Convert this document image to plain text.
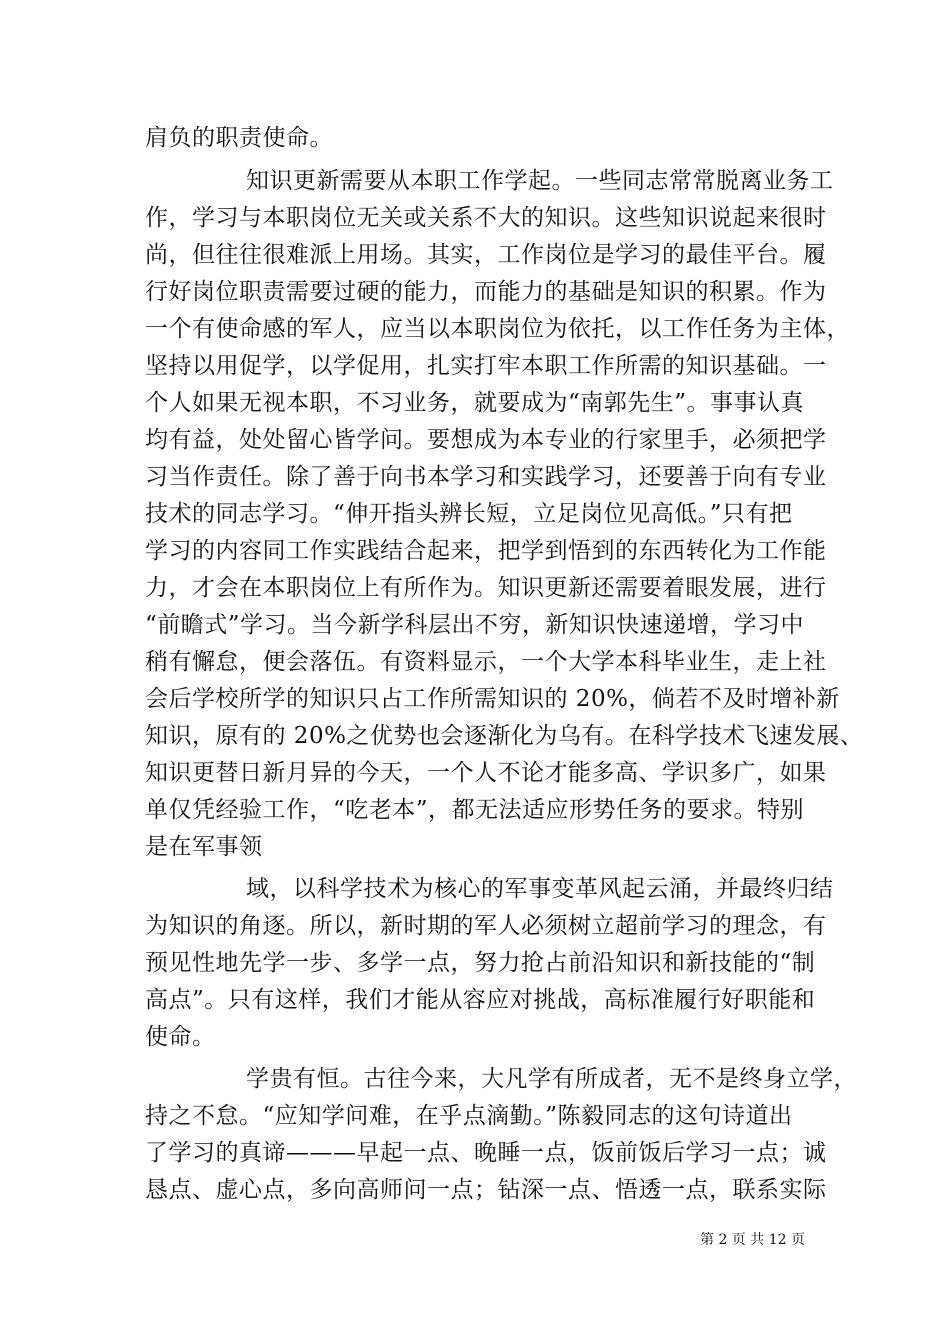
肩负的职责使命。
知识更新需要从本职工作学起。一些同志常常脱离业务工
作，学习与本职岗位无关或关系不大的知识。这些知识说起来很时
尚，但往往很难派上用场。其实，工作岗位是学习的最佳平台。履
行好岗位职责需要过硬的能力，而能力的基础是知识的积累。作为
一个有使命感的军人，应当以本职岗位为依托，以工作任务为主体，
坚持以用促学，以学促用，扎实打牢本职工作所需的知识基础。一
个人如果无视本职，不习业务，就要成为“南郭先生”。事事认真
均有益，处处留心皆学问。要想成为本专业的行家里手，必须把学
习当作责任。除了善于向书本学习和实践学习，还要善于向有专业
技术的同志学习。“伸开指头辨长短，立足岗位见高低。”只有把
学习的内容同工作实践结合起来，把学到悟到的东西转化为工作能
力，才会在本职岗位上有所作为。知识更新还需要着眼发展，进行
“前瞻式”学习。当今新学科层出不穷，新知识快速递增，学习中
稍有懈怠，便会落伍。有资料显示，一个大学本科毕业生，走上社
会后学校所学的知识只占工作所需知识的 20%，倘若不及时增补新
知识，原有的 20%之优势也会逐渐化为乌有。在科学技术飞速发展、
知识更替日新月异的今天，一个人不论才能多高、学识多广，如果
单仅凭经验工作，“吃老本”，都无法适应形势任务的要求。特别
是在军事领
域，以科学技术为核心的军事变革风起云涌，并最终归结
为知识的角逐。所以，新时期的军人必须树立超前学习的理念，有
预见性地先学一步、多学一点，努力抢占前沿知识和新技能的“制
高点”。只有这样，我们才能从容应对挑战，高标准履行好职能和
使命。
学贵有恒。古往今来，大凡学有所成者，无不是终身立学，
持之不怠。“应知学问难，在乎点滴勤。”陈毅同志的这句诗道出
了学习的真谛———早起一点、晚睡一点，饭前饭后学习一点；诚
恳点、虚心点，多向高师问一点；钻深一点、悟透一点，联系实际
第 2 页 共 12 页
